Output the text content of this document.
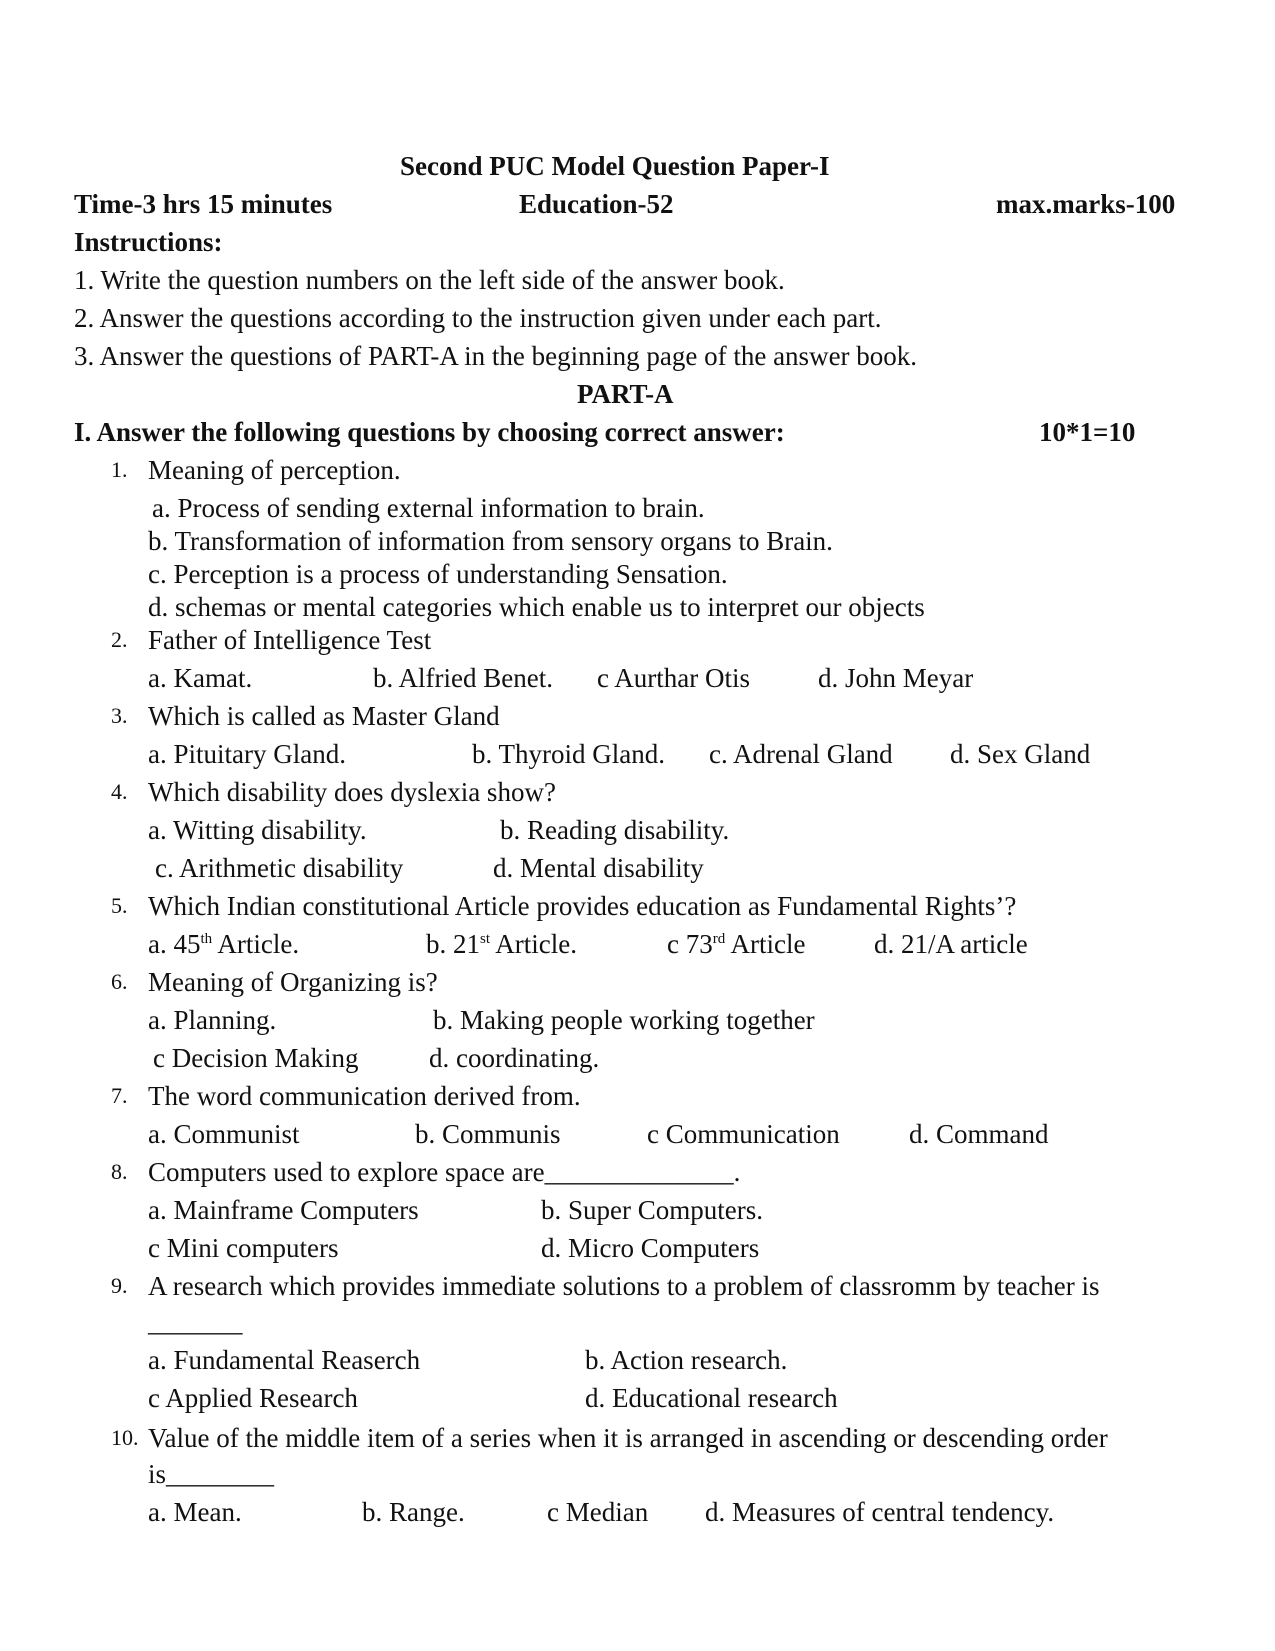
Second PUC Model Question Paper-I
Time-3 hrs 15 minutes	Education-52	max.marks-100
Instructions:
1. Write the question numbers on the left side of the answer book.
2. Answer the questions according to the instruction given under each part.
3. Answer the questions of PART-A in the beginning page of the answer book.
PART-A
I. Answer the following questions by choosing correct answer:	10*1=10
1. Meaning of perception.
a. Process of sending external information to brain.
b. Transformation of information from sensory organs to Brain.
c. Perception is a process of understanding Sensation.
d. schemas or mental categories which enable us to interpret our objects
2. Father of Intelligence Test
a. Kamat.	b. Alfried Benet. c Aurthar Otis	d. John Meyar
3. Which is called as Master Gland
a. Pituitary Gland.	b. Thyroid Gland. c. Adrenal Gland d. Sex Gland
4. Which disability does dyslexia show?
a. Witting disability.	b. Reading disability.
c. Arithmetic disability	d. Mental disability
5. Which Indian constitutional Article provides education as Fundamental Rights’?
a. 45th Article.	b. 21st Article.	c 73rd Article	d. 21/A article
6. Meaning of Organizing is?
a. Planning.	b. Making people working together
c Decision Making	d. coordinating.
7. The word communication derived from.
a. Communist	b. Communis	c Communication	d. Command
8. Computers used to explore space are______________.
a. Mainframe Computers	b. Super Computers.
c Mini computers	d. Micro Computers
9. A research which provides immediate solutions to a problem of classromm by teacher is
_______
a. Fundamental Reaserch	b. Action research.
c Applied Research	d. Educational research
10. Value of the middle item of a series when it is arranged in ascending or descending order
is________
a. Mean.	b. Range.	c Median d. Measures of central tendency.
